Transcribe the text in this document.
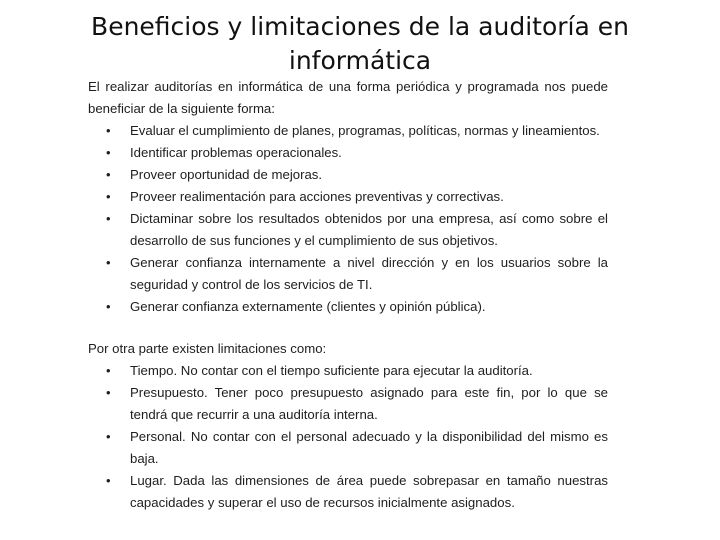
Beneficios y limitaciones de la auditoría en informática

El realizar auditorías en informática de una forma periódica y programada nos puede beneficiar de la siguiente forma:

• Evaluar el cumplimiento de planes, programas, políticas, normas y lineamientos.
• Identificar problemas operacionales.
• Proveer oportunidad de mejoras.
• Proveer realimentación para acciones preventivas y correctivas.
• Dictaminar sobre los resultados obtenidos por una empresa, así como sobre el desarrollo de sus funciones y el cumplimiento de sus objetivos.
• Generar confianza internamente a nivel dirección y en los usuarios sobre la seguridad y control de los servicios de TI.
• Generar confianza externamente (clientes y opinión pública).

Por otra parte existen limitaciones como:

• Tiempo. No contar con el tiempo suficiente para ejecutar la auditoría.
• Presupuesto. Tener poco presupuesto asignado para este fin, por lo que se tendrá que recurrir a una auditoría interna.
• Personal. No contar con el personal adecuado y la disponibilidad del mismo es baja.
• Lugar. Dada las dimensiones de área puede sobrepasar en tamaño nuestras capacidades y superar el uso de recursos inicialmente asignados.
